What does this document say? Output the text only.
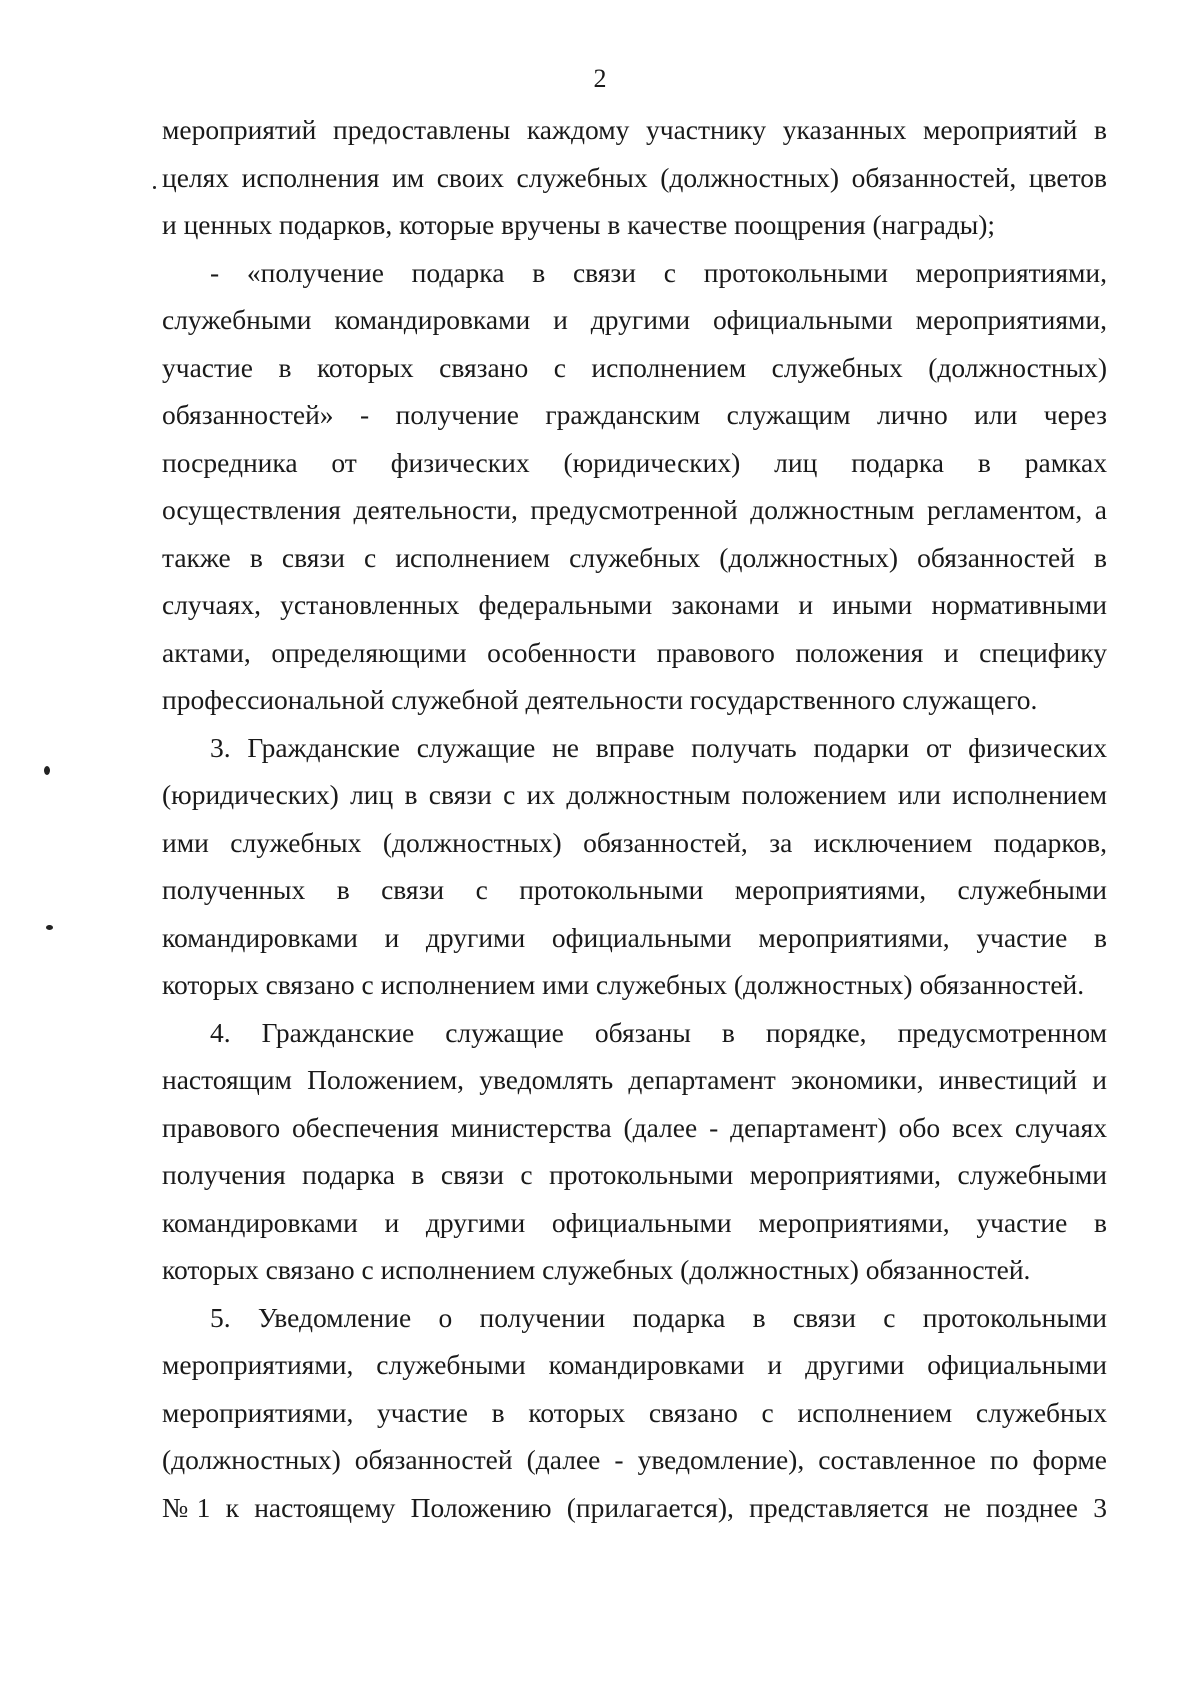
2
мероприятий предоставлены каждому участнику указанных мероприятий в
целях исполнения им своих служебных (должностных) обязанностей, цветов
и ценных подарков, которые вручены в качестве поощрения (награды);
- «получение подарка в связи с протокольными мероприятиями,
служебными командировками и другими официальными мероприятиями,
участие в которых связано с исполнением служебных (должностных)
обязанностей» - получение гражданским служащим лично или через
посредника от физических (юридических) лиц подарка в рамках
осуществления деятельности, предусмотренной должностным регламентом, а
также в связи с исполнением служебных (должностных) обязанностей в
случаях, установленных федеральными законами и иными нормативными
актами, определяющими особенности правового положения и специфику
профессиональной служебной деятельности государственного служащего.
3. Гражданские служащие не вправе получать подарки от физических
(юридических) лиц в связи с их должностным положением или исполнением
ими служебных (должностных) обязанностей, за исключением подарков,
полученных в связи с протокольными мероприятиями, служебными
командировками и другими официальными мероприятиями, участие в
которых связано с исполнением ими служебных (должностных) обязанностей.
4. Гражданские служащие обязаны в порядке, предусмотренном
настоящим Положением, уведомлять департамент экономики, инвестиций и
правового обеспечения министерства (далее - департамент) обо всех случаях
получения подарка в связи с протокольными мероприятиями, служебными
командировками и другими официальными мероприятиями, участие в
которых связано с исполнением служебных (должностных) обязанностей.
5. Уведомление о получении подарка в связи с протокольными
мероприятиями, служебными командировками и другими официальными
мероприятиями, участие в которых связано с исполнением служебных
(должностных) обязанностей (далее - уведомление), составленное по форме
№1 к настоящему Положению (прилагается), представляется не позднее 3
